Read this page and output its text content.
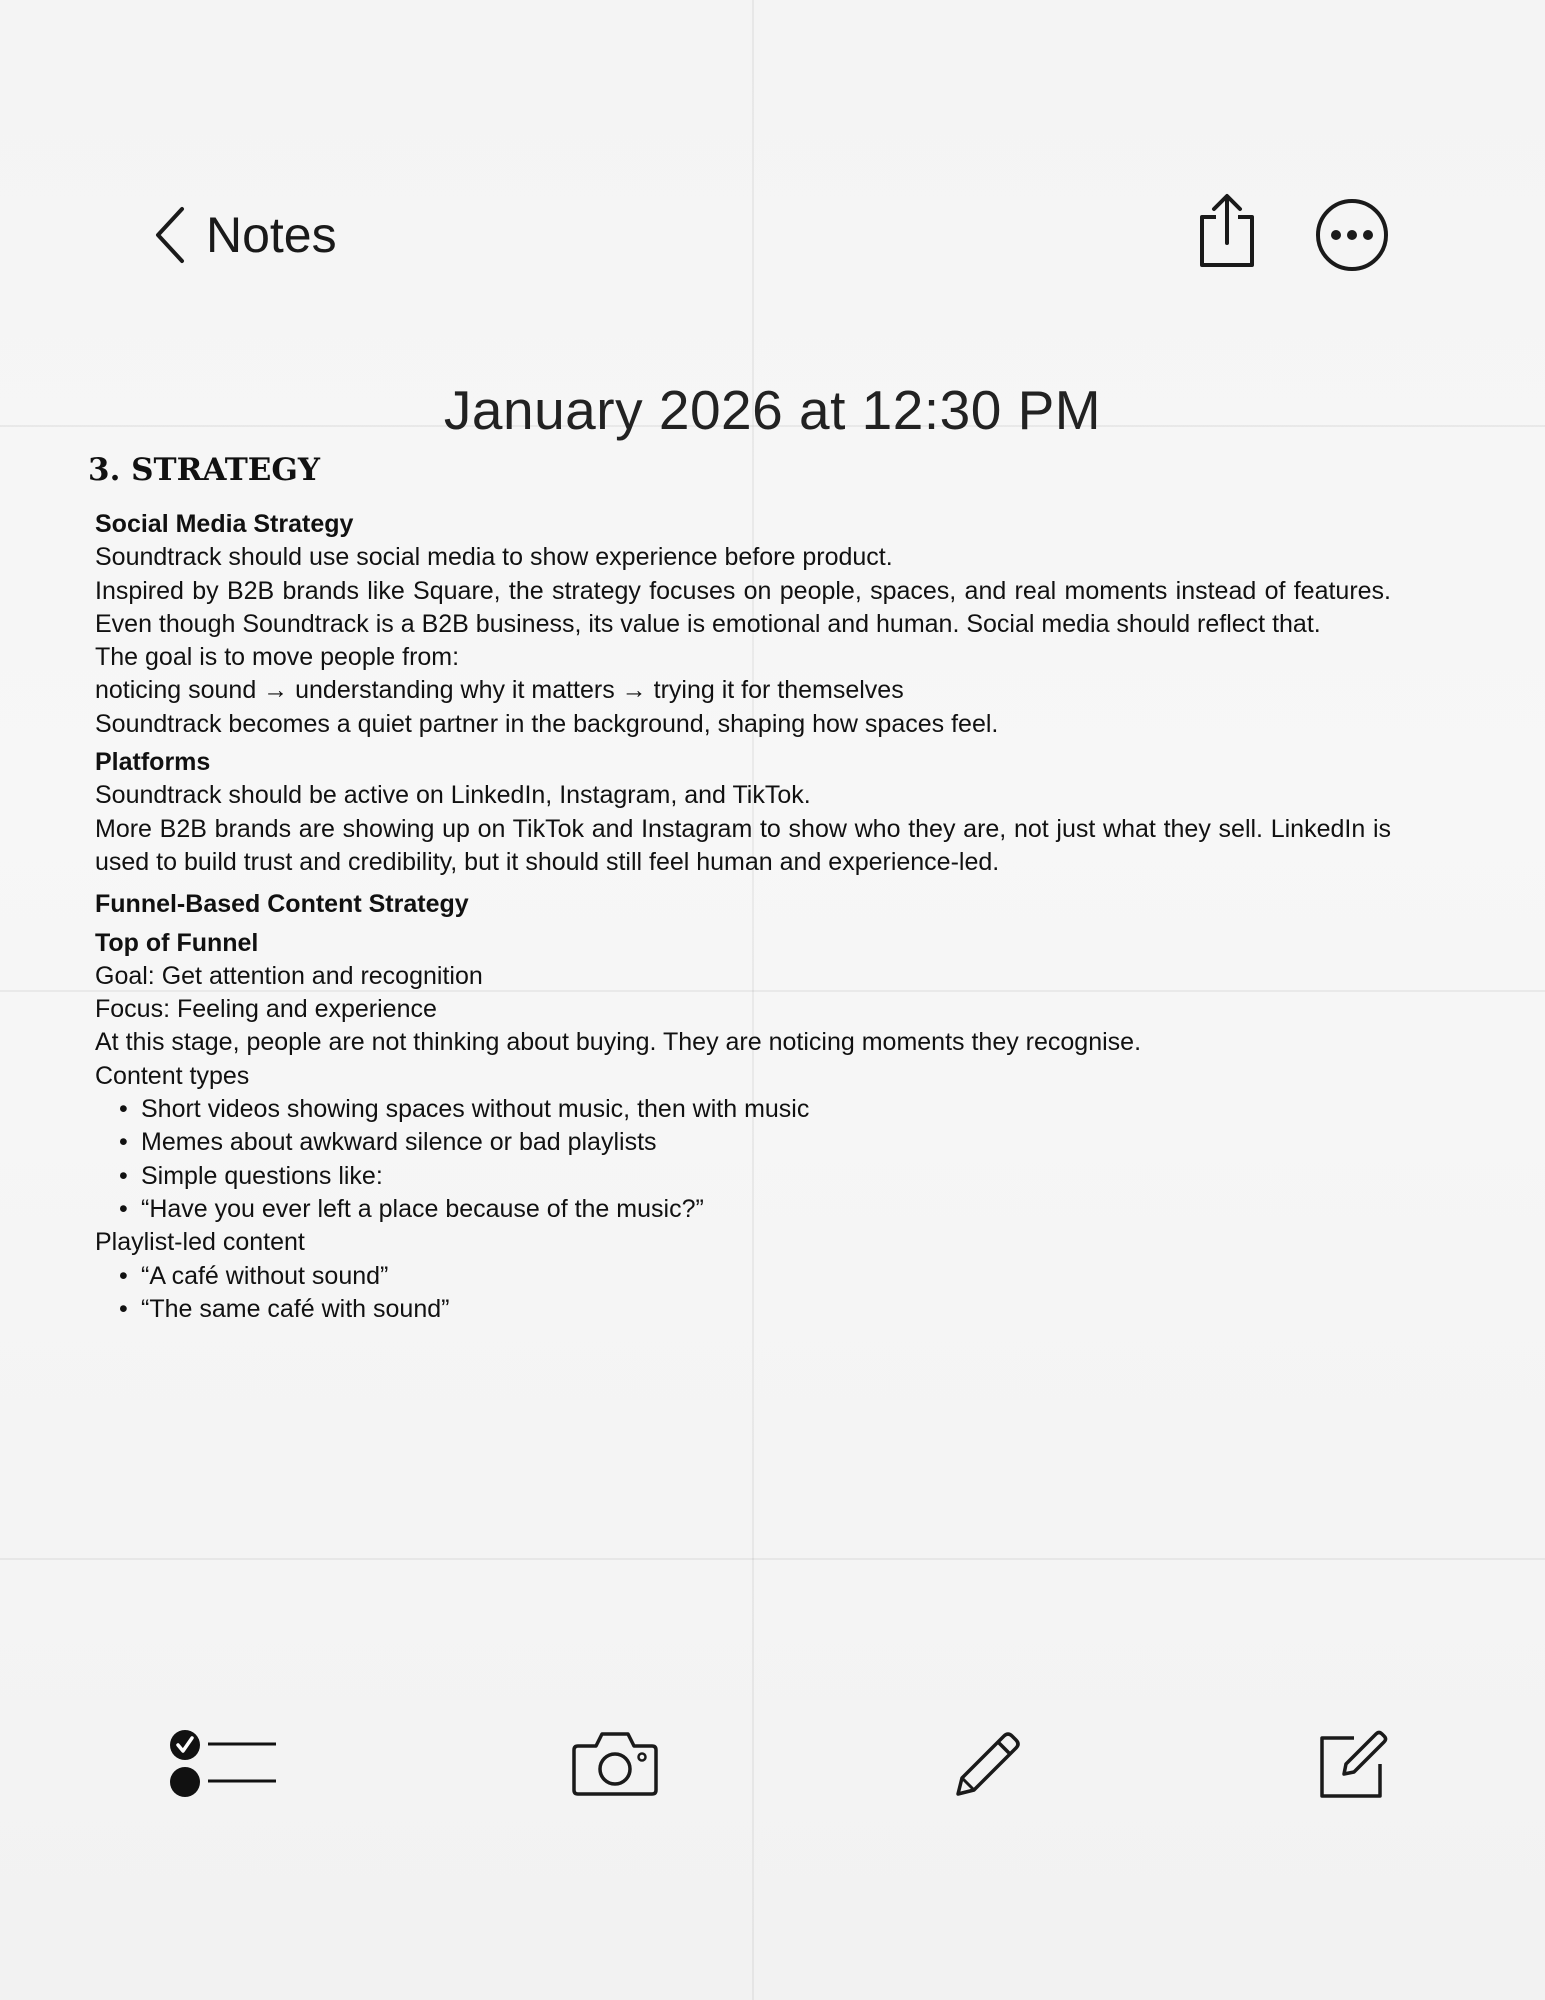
Notes
January 2026 at 12:30 PM
3. STRATEGY

Social Media Strategy

Soundtrack should use social media to show experience before product.

Inspired by B2B brands like Square, the strategy focuses on people, spaces, and real moments instead of features. Even though Soundtrack is a B2B business, its value is emotional and human. Social media should reflect that.

The goal is to move people from:

noticing sound → understanding why it matters → trying it for themselves

Soundtrack becomes a quiet partner in the background, shaping how spaces feel.

Platforms

Soundtrack should be active on LinkedIn, Instagram, and TikTok.

More B2B brands are showing up on TikTok and Instagram to show who they are, not just what they sell. LinkedIn is used to build trust and credibility, but it should still feel human and experience-led.

Funnel-Based Content Strategy

Top of Funnel

Goal: Get attention and recognition

Focus: Feeling and experience

At this stage, people are not thinking about buying. They are noticing moments they recognise.

Content types

• Short videos showing spaces without music, then with music
• Memes about awkward silence or bad playlists
• Simple questions like:
• “Have you ever left a place because of the music?”

Playlist-led content

• “A café without sound”
• “The same café with sound”
